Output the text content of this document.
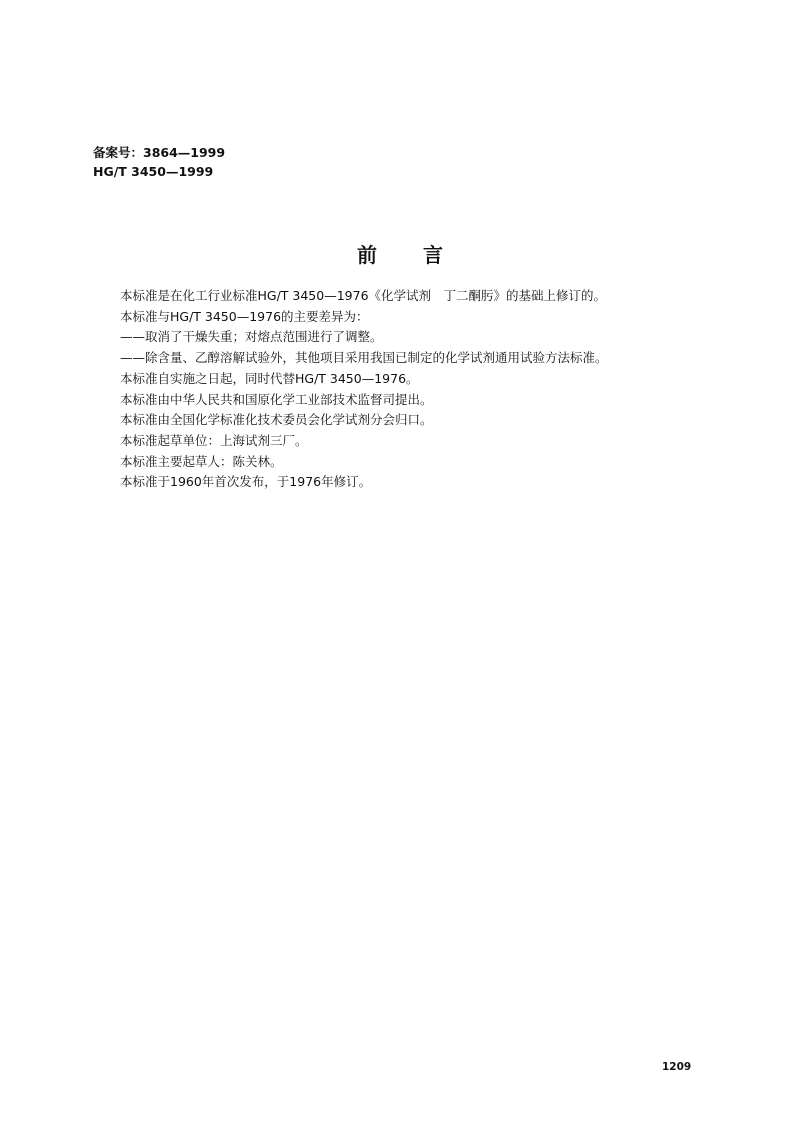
备案号：3864—1999
HG/T 3450—1999
前言
本标准是在化工行业标准HG/T 3450—1976《化学试剂　丁二酮肟》的基础上修订的。
本标准与HG/T 3450—1976的主要差异为：
——取消了干燥失重；对熔点范围进行了调整。
——除含量、乙醇溶解试验外，其他项目采用我国已制定的化学试剂通用试验方法标准。
本标准自实施之日起，同时代替HG/T 3450—1976。
本标准由中华人民共和国原化学工业部技术监督司提出。
本标准由全国化学标准化技术委员会化学试剂分会归口。
本标准起草单位：上海试剂三厂。
本标准主要起草人：陈关林。
本标准于1960年首次发布，于1976年修订。
1209
